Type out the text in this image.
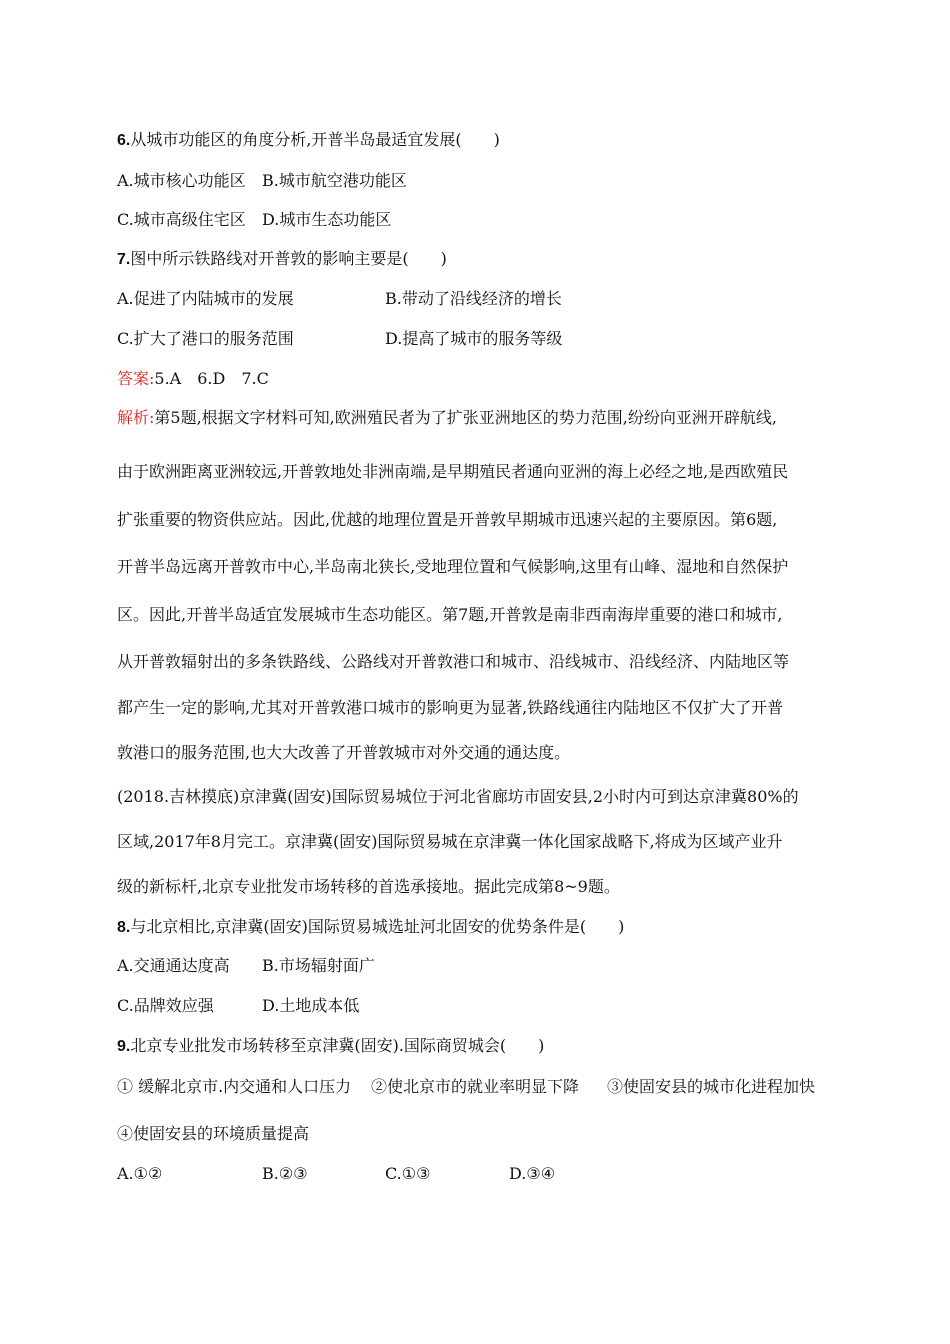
6.从城市功能区的角度分析,开普半岛最适宜发展(　　)
A.城市核心功能区 B.城市航空港功能区
C.城市高级住宅区 D.城市生态功能区
7.图中所示铁路线对开普敦的影响主要是(　　)
A.促进了内陆城市的发展	B.带动了沿线经济的增长
C.扩大了港口的服务范围	D.提高了城市的服务等级
答案:5.A　6.D　7.C
解析:第5题,根据文字材料可知,欧洲殖民者为了扩张亚洲地区的势力范围,纷纷向亚洲开辟航线,
由于欧洲距离亚洲较远,开普敦地处非洲南端,是早期殖民者通向亚洲的海上必经之地,是西欧殖民
扩张重要的物资供应站。因此,优越的地理位置是开普敦早期城市迅速兴起的主要原因。第6题,
开普半岛远离开普敦市中心,半岛南北狭长,受地理位置和气候影响,这里有山峰、湿地和自然保护
区。因此,开普半岛适宜发展城市生态功能区。第7题,开普敦是南非西南海岸重要的港口和城市,
从开普敦辐射出的多条铁路线、公路线对开普敦港口和城市、沿线城市、沿线经济、内陆地区等
都产生一定的影响,尤其对开普敦港口城市的影响更为显著,铁路线通往内陆地区不仅扩大了开普
敦港口的服务范围,也大大改善了开普敦城市对外交通的通达度。
(2018.吉林摸底)京津冀(固安)国际贸易城位于河北省廊坊市固安县,2小时内可到达京津冀80%的
区域,2017年8月完工。京津冀(固安)国际贸易城在京津冀一体化国家战略下,将成为区域产业升
级的新标杆,北京专业批发市场转移的首选承接地。据此完成第8~9题。
8.与北京相比,京津冀(固安)国际贸易城选址河北固安的优势条件是(　　)
A.交通通达度高 B.市场辐射面广
C.品牌效应强	D.土地成本低
9.北京专业批发市场转移至京津冀(固安).国际商贸城会(　　)
① 缓解北京市.内交通和人口压力 ②使北京市的就业率明显下降 ③使固安县的城市化进程加快
④使固安县的环境质量提高
A.①②	B.②③	C.①③	D.③④
